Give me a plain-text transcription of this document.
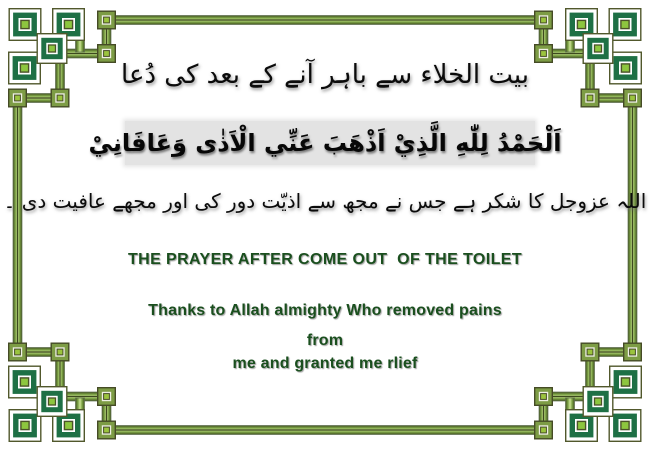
بیت الخلاء سے باہر آنے کے بعد کی دُعا
اَلْحَمْدُ لِلّٰهِ الَّذِيْ اَذْهَبَ عَنِّي الْاَذٰى وَعَافَانِيْ
اللہ عزوجل کا شکر ہے جس نے مجھ سے اذیّت دور کی اور مجھے عافیت دی ۔
THE PRAYER AFTER COME OUT  OF THE TOILET
Thanks to Allah almighty Who removed pains
from
me and granted me rlief
